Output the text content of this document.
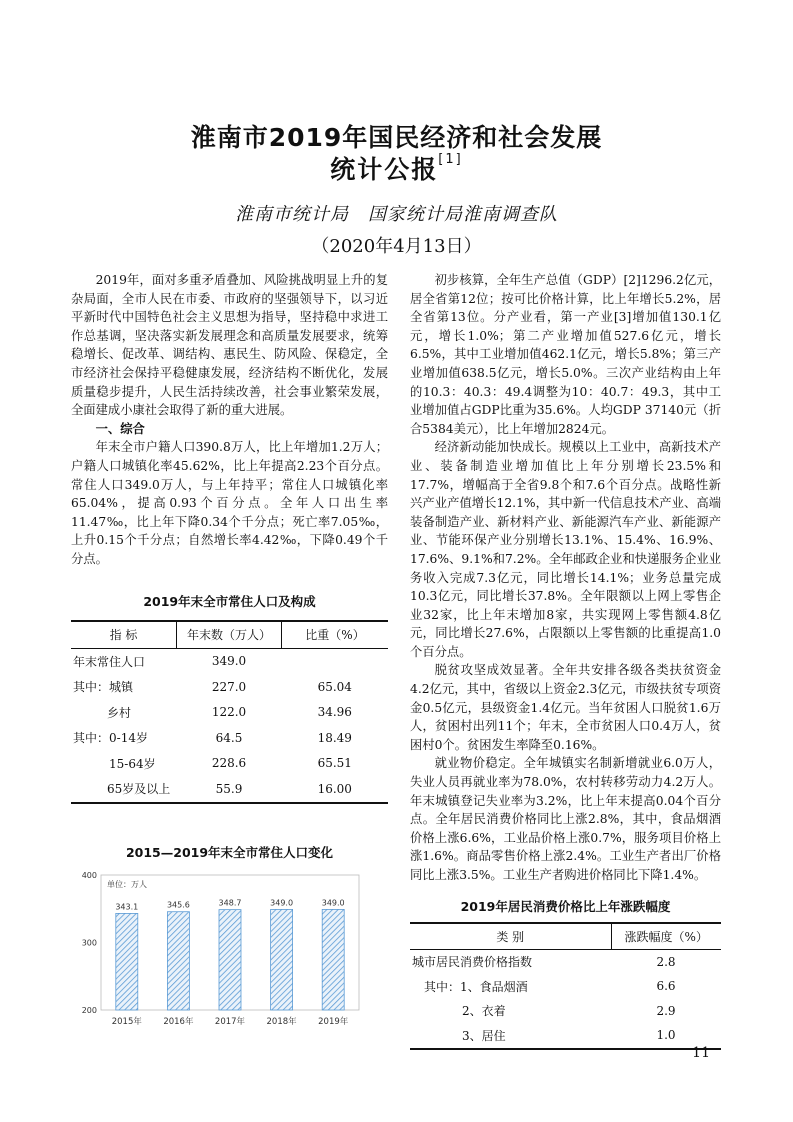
淮南市2019年国民经济和社会发展
统计公报[1]
淮南市统计局　国家统计局淮南调查队
（2020年4月13日）

2019年，面对多重矛盾叠加、风险挑战明显上升的复杂局面，全市人民在市委、市政府的坚强领导下，以习近平新时代中国特色社会主义思想为指导，坚持稳中求进工作总基调，坚决落实新发展理念和高质量发展要求，统筹稳增长、促改革、调结构、惠民生、防风险、保稳定，全市经济社会保持平稳健康发展，经济结构不断优化，发展质量稳步提升，人民生活持续改善，社会事业繁荣发展，全面建成小康社会取得了新的重大进展。

一、综合

年末全市户籍人口390.8万人，比上年增加1.2万人；户籍人口城镇化率45.62%，比上年提高2.23个百分点。常住人口349.0万人，与上年持平；常住人口城镇化率65.04%，提高0.93个百分点。全年人口出生率11.47‰，比上年下降0.34个千分点；死亡率7.05‰，上升0.15个千分点；自然增长率4.42‰，下降0.49个千分点。

2019年末全市常住人口及构成
指 标	年末数（万人）	比重（%）
年末常住人口	349.0	
其中：城镇	227.0	65.04
乡村	122.0	34.96
其中：0-14岁	64.5	18.49
15-64岁	228.6	65.51
65岁及以上	55.9	16.00
2015—2019年末全市常住人口变化
400
300
200
单位：万人
343.1
2015年
345.6
2016年
348.7
2017年
349.0
2018年
349.0
2019年

初步核算，全年生产总值（GDP）[2]1296.2亿元，居全省第12位；按可比价格计算，比上年增长5.2%，居全省第13位。分产业看，第一产业[3]增加值130.1亿元，增长1.0%；第二产业增加值527.6亿元，增长6.5%，其中工业增加值462.1亿元，增长5.8%；第三产业增加值638.5亿元，增长5.0%。三次产业结构由上年的10.3：40.3：49.4调整为10：40.7：49.3，其中工业增加值占GDP比重为35.6%。人均GDP 37140元（折合5384美元），比上年增加2824元。

经济新动能加快成长。规模以上工业中，高新技术产业、装备制造业增加值比上年分别增长23.5%和17.7%，增幅高于全省9.8个和7.6个百分点。战略性新兴产业产值增长12.1%，其中新一代信息技术产业、高端装备制造产业、新材料产业、新能源汽车产业、新能源产业、节能环保产业分别增长13.1%、15.4%、16.9%、17.6%、9.1%和7.2%。全年邮政企业和快递服务企业业务收入完成7.3亿元，同比增长14.1%；业务总量完成10.3亿元，同比增长37.8%。全年限额以上网上零售企业32家，比上年末增加8家，共实现网上零售额4.8亿元，同比增长27.6%，占限额以上零售额的比重提高1.0个百分点。

脱贫攻坚成效显著。全年共安排各级各类扶贫资金4.2亿元，其中，省级以上资金2.3亿元，市级扶贫专项资金0.5亿元，县级资金1.4亿元。当年贫困人口脱贫1.6万人，贫困村出列11个；年末，全市贫困人口0.4万人，贫困村0个。贫困发生率降至0.16%。

就业物价稳定。全年城镇实名制新增就业6.0万人，失业人员再就业率为78.0%，农村转移劳动力4.2万人。年末城镇登记失业率为3.2%，比上年末提高0.04个百分点。全年居民消费价格同比上涨2.8%，其中，食品烟酒价格上涨6.6%，工业品价格上涨0.7%，服务项目价格上涨1.6%。商品零售价格上涨2.4%。工业生产者出厂价格同比上涨3.5%。工业生产者购进价格同比下降1.4%。

2019年居民消费价格比上年涨跌幅度
类 别	涨跌幅度（%）
城市居民消费价格指数	2.8
其中：1、食品烟酒	6.6
2、衣着	2.9
3、居住	1.0
11
